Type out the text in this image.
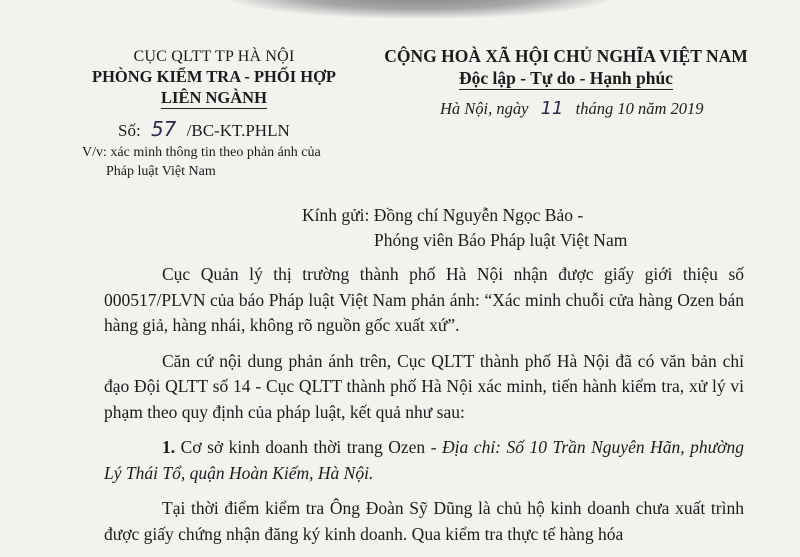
CỤC QLTT TP HÀ NỘI
PHÒNG KIỂM TRA - PHỐI HỢP
LIÊN NGÀNH
Số: 57 /BC-KT.PHLN
V/v: xác minh thông tin theo phản ánh của
Pháp luật Việt Nam
CỘNG HOÀ XÃ HỘI CHỦ NGHĨA VIỆT NAM
Độc lập - Tự do - Hạnh phúc
Hà Nội, ngày 11 tháng 10 năm 2019
Kính gửi: Đồng chí Nguyễn Ngọc Bảo -
Phóng viên Báo Pháp luật Việt Nam

Cục Quản lý thị trường thành phố Hà Nội nhận được giấy giới thiệu số 000517/PLVN của báo Pháp luật Việt Nam phản ánh: “Xác minh chuỗi cửa hàng Ozen bán hàng giả, hàng nhái, không rõ nguồn gốc xuất xứ”.

Căn cứ nội dung phản ánh trên, Cục QLTT thành phố Hà Nội đã có văn bản chỉ đạo Đội QLTT số 14 - Cục QLTT thành phố Hà Nội xác minh, tiến hành kiểm tra, xử lý vi phạm theo quy định của pháp luật, kết quả như sau:

1. Cơ sở kinh doanh thời trang Ozen - Địa chỉ: Số 10 Trần Nguyên Hãn, phường Lý Thái Tổ, quận Hoàn Kiếm, Hà Nội.

Tại thời điểm kiểm tra Ông Đoàn Sỹ Dũng là chủ hộ kinh doanh chưa xuất trình được giấy chứng nhận đăng ký kinh doanh. Qua kiểm tra thực tế hàng hóa
